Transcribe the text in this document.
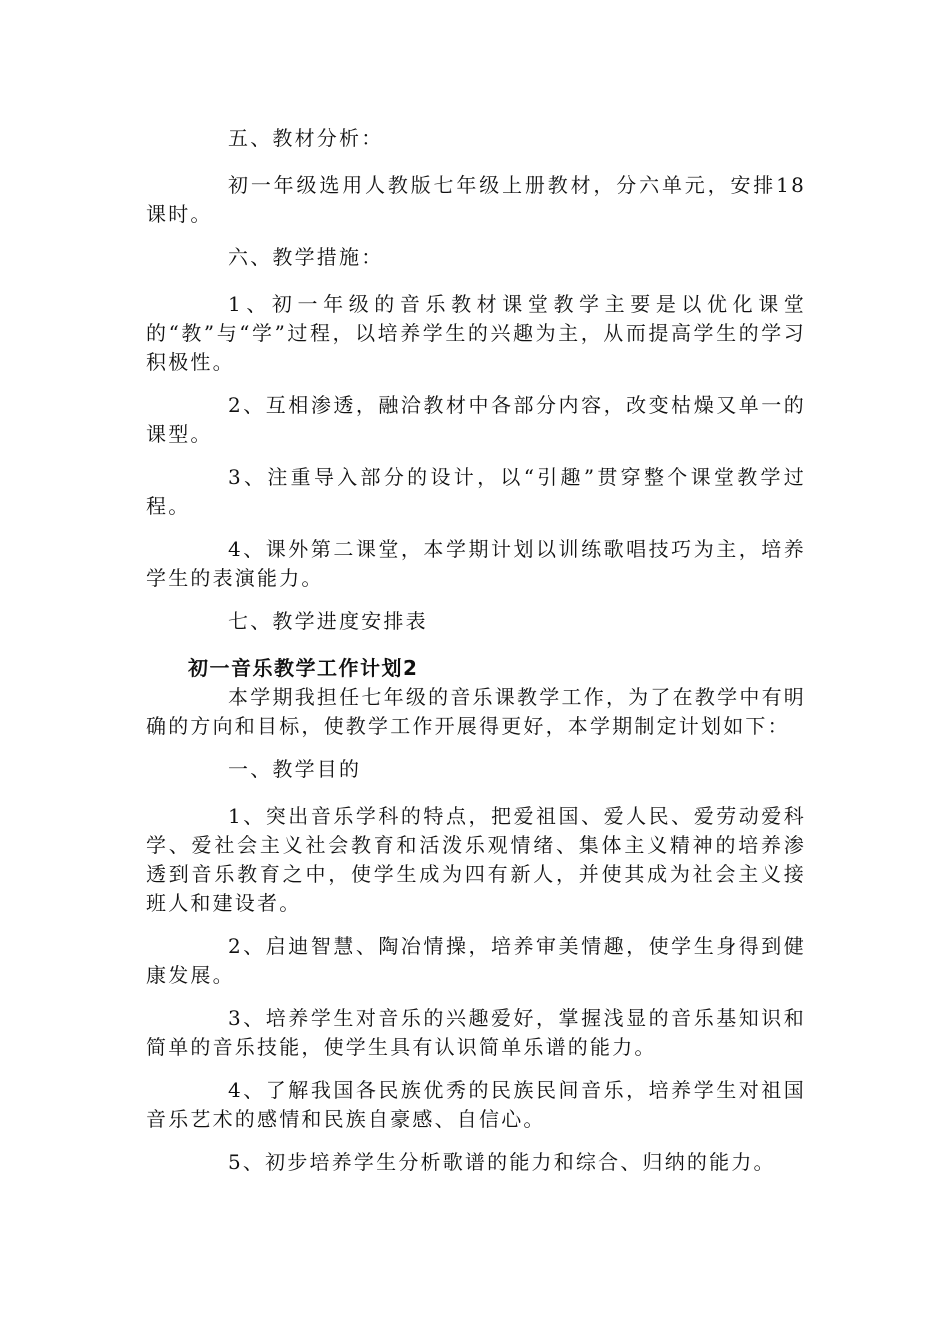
五、教材分析：

初一年级选用人教版七年级上册教材，分六单元，安排18课时。

六、教学措施：

1、初一年级的音乐教材课堂教学主要是以优化课堂的“教”与“学”过程，以培养学生的兴趣为主，从而提高学生的学习积极性。

2、互相渗透，融洽教材中各部分内容，改变枯燥又单一的课型。

3、注重导入部分的设计，以“引趣”贯穿整个课堂教学过程。

4、课外第二课堂，本学期计划以训练歌唱技巧为主，培养学生的表演能力。

七、教学进度安排表

初一音乐教学工作计划2

本学期我担任七年级的音乐课教学工作，为了在教学中有明确的方向和目标，使教学工作开展得更好，本学期制定计划如下：

一、教学目的

1、突出音乐学科的特点，把爱祖国、爱人民、爱劳动爱科学、爱社会主义社会教育和活泼乐观情绪、集体主义精神的培养渗透到音乐教育之中，使学生成为四有新人，并使其成为社会主义接班人和建设者。

2、启迪智慧、陶冶情操，培养审美情趣，使学生身得到健康发展。

3、培养学生对音乐的兴趣爱好，掌握浅显的音乐基知识和简单的音乐技能，使学生具有认识简单乐谱的能力。

4、了解我国各民族优秀的民族民间音乐，培养学生对祖国音乐艺术的感情和民族自豪感、自信心。

5、初步培养学生分析歌谱的能力和综合、归纳的能力。
